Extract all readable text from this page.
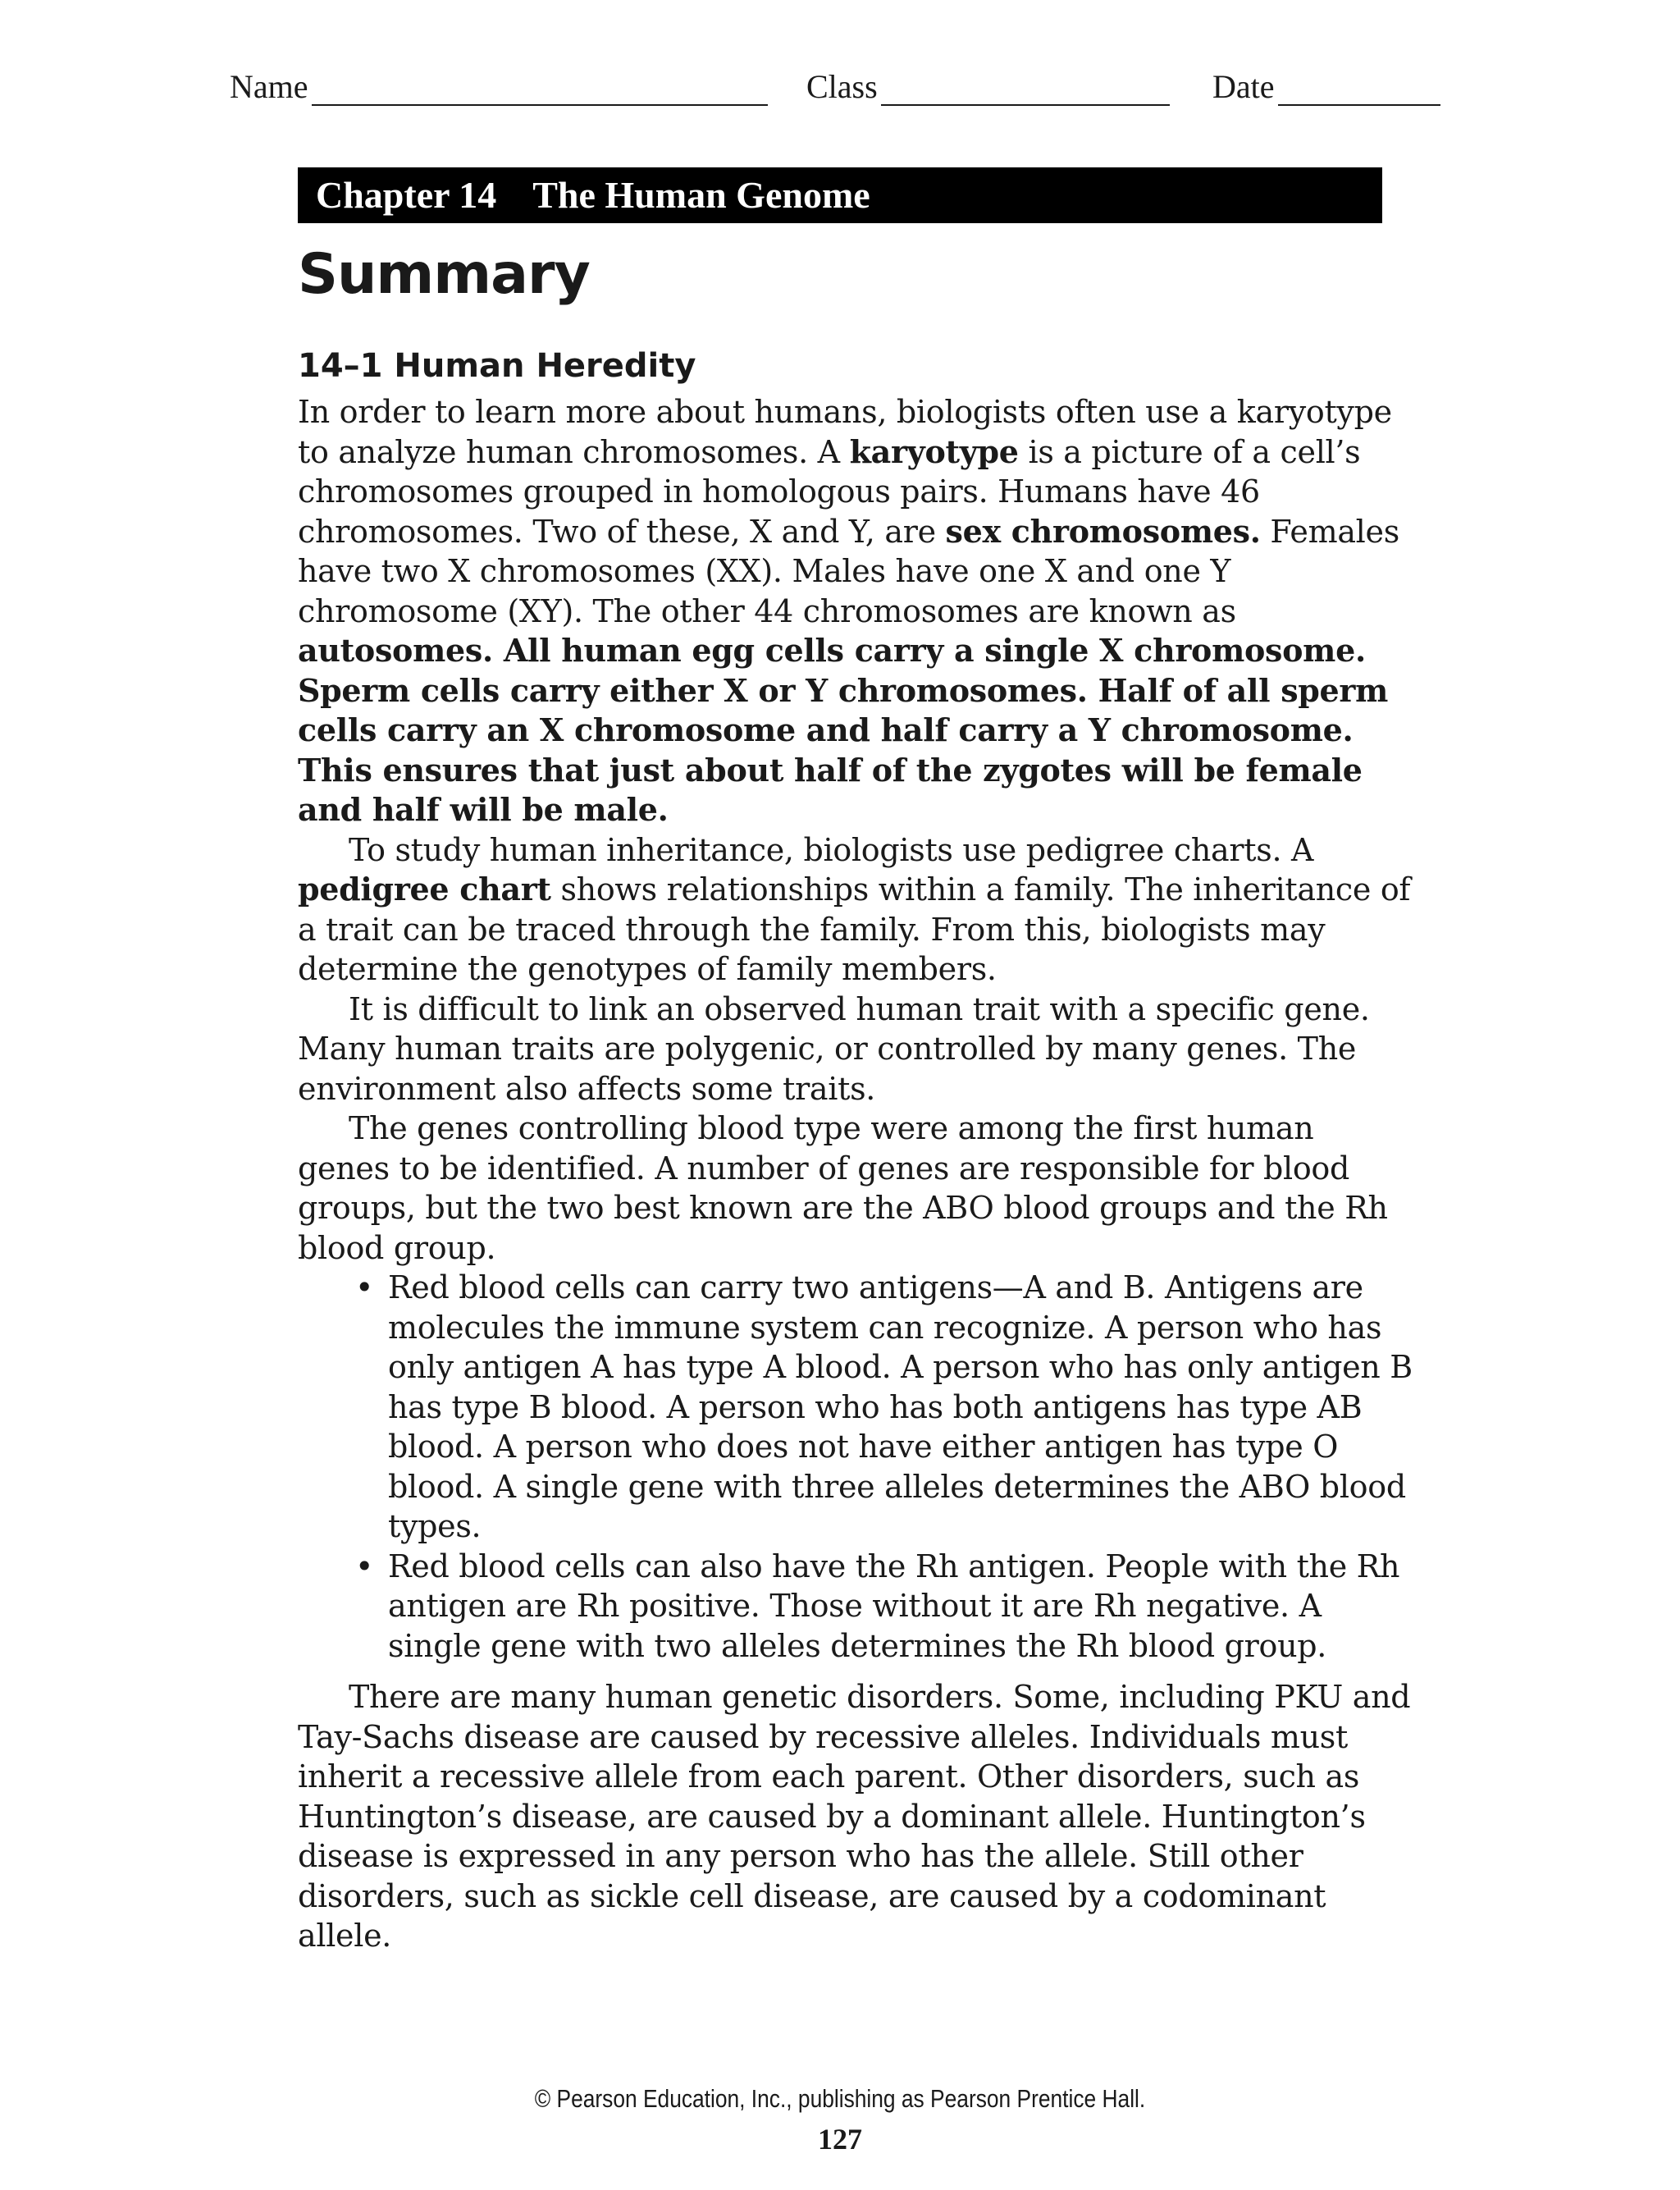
Name	Class	Date
Chapter 14 The Human Genome
Summary
14–1 Human Heredity

In order to learn more about humans, biologists often use a karyotype to analyze human chromosomes. A karyotype is a picture of a cell’s chromosomes grouped in homologous pairs. Humans have 46 chromosomes. Two of these, X and Y, are sex chromosomes. Females have two X chromosomes (XX). Males have one X and one Y chromosome (XY). The other 44 chromosomes are known as autosomes. All human egg cells carry a single X chromosome. Sperm cells carry either X or Y chromosomes. Half of all sperm cells carry an X chromosome and half carry a Y chromosome. This ensures that just about half of the zygotes will be female and half will be male.

To study human inheritance, biologists use pedigree charts. A pedigree chart shows relationships within a family. The inheritance of a trait can be traced through the family. From this, biologists may determine the genotypes of family members.

It is difficult to link an observed human trait with a specific gene. Many human traits are polygenic, or controlled by many genes. The environment also affects some traits.

The genes controlling blood type were among the first human genes to be identified. A number of genes are responsible for blood groups, but the two best known are the ABO blood groups and the Rh blood group.

• Red blood cells can carry two antigens—A and B. Antigens are molecules the immune system can recognize. A person who has only antigen A has type A blood. A person who has only antigen B has type B blood. A person who has both antigens has type AB blood. A person who does not have either antigen has type O blood. A single gene with three alleles determines the ABO blood types.
• Red blood cells can also have the Rh antigen. People with the Rh antigen are Rh positive. Those without it are Rh negative. A single gene with two alleles determines the Rh blood group.

There are many human genetic disorders. Some, including PKU and Tay-Sachs disease are caused by recessive alleles. Individuals must inherit a recessive allele from each parent. Other disorders, such as Huntington’s disease, are caused by a dominant allele. Huntington’s disease is expressed in any person who has the allele. Still other disorders, such as sickle cell disease, are caused by a codominant allele.

© Pearson Education, Inc., publishing as Pearson Prentice Hall.
127
